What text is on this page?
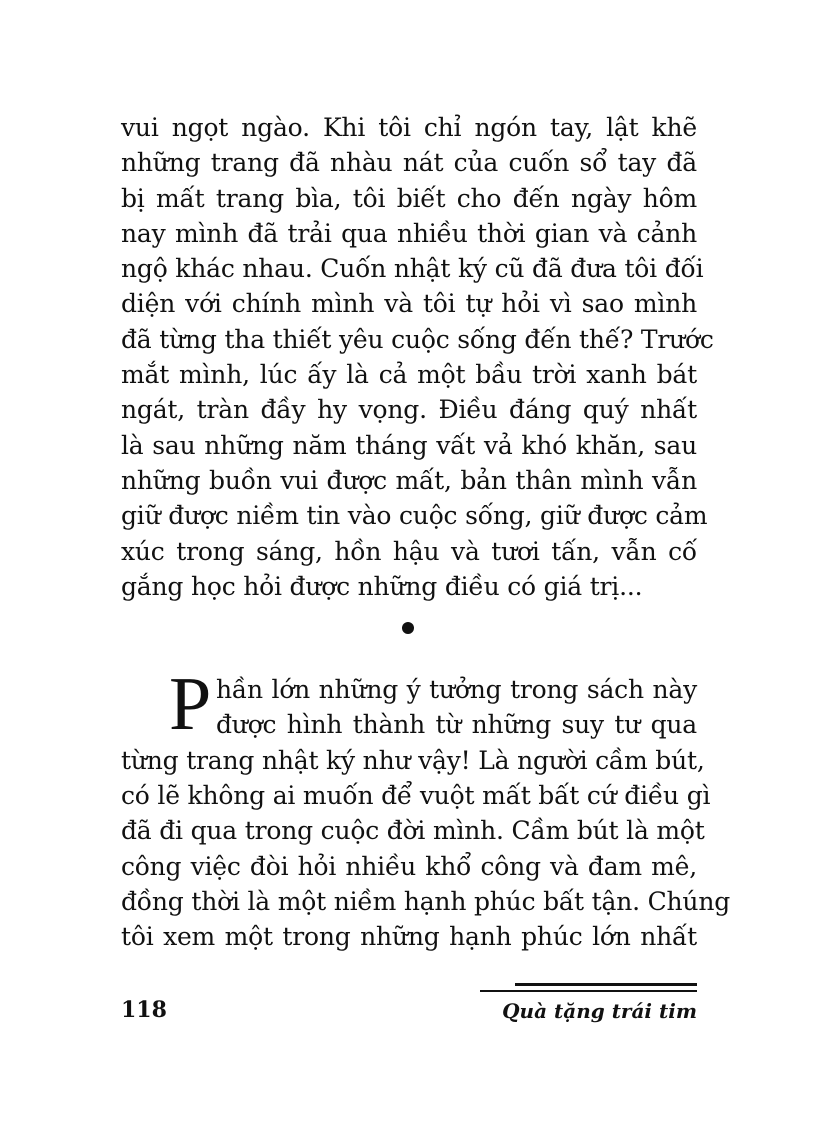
vui ngọt ngào. Khi tôi chỉ ngón tay, lật khẽ
những trang đã nhàu nát của cuốn sổ tay đã
bị mất trang bìa, tôi biết cho đến ngày hôm
nay mình đã trải qua nhiều thời gian và cảnh
ngộ khác nhau. Cuốn nhật ký cũ đã đưa tôi đối
diện với chính mình và tôi tự hỏi vì sao mình
đã từng tha thiết yêu cuộc sống đến thế? Trước
mắt mình, lúc ấy là cả một bầu trời xanh bát
ngát, tràn đầy hy vọng. Điều đáng quý nhất
là sau những năm tháng vất vả khó khăn, sau
những buồn vui được mất, bản thân mình vẫn
giữ được niềm tin vào cuộc sống, giữ được cảm
xúc trong sáng, hồn hậu và tươi tấn, vẫn cố
gắng học hỏi được những điều có giá trị...
P hần lớn những ý tưởng trong sách này
được hình thành từ những suy tư qua
từng trang nhật ký như vậy! Là người cầm bút,
có lẽ không ai muốn để vuột mất bất cứ điều gì
đã đi qua trong cuộc đời mình. Cầm bút là một
công việc đòi hỏi nhiều khổ công và đam mê,
đồng thời là một niềm hạnh phúc bất tận. Chúng
tôi xem một trong những hạnh phúc lớn nhất
118	Quà tặng trái tim
